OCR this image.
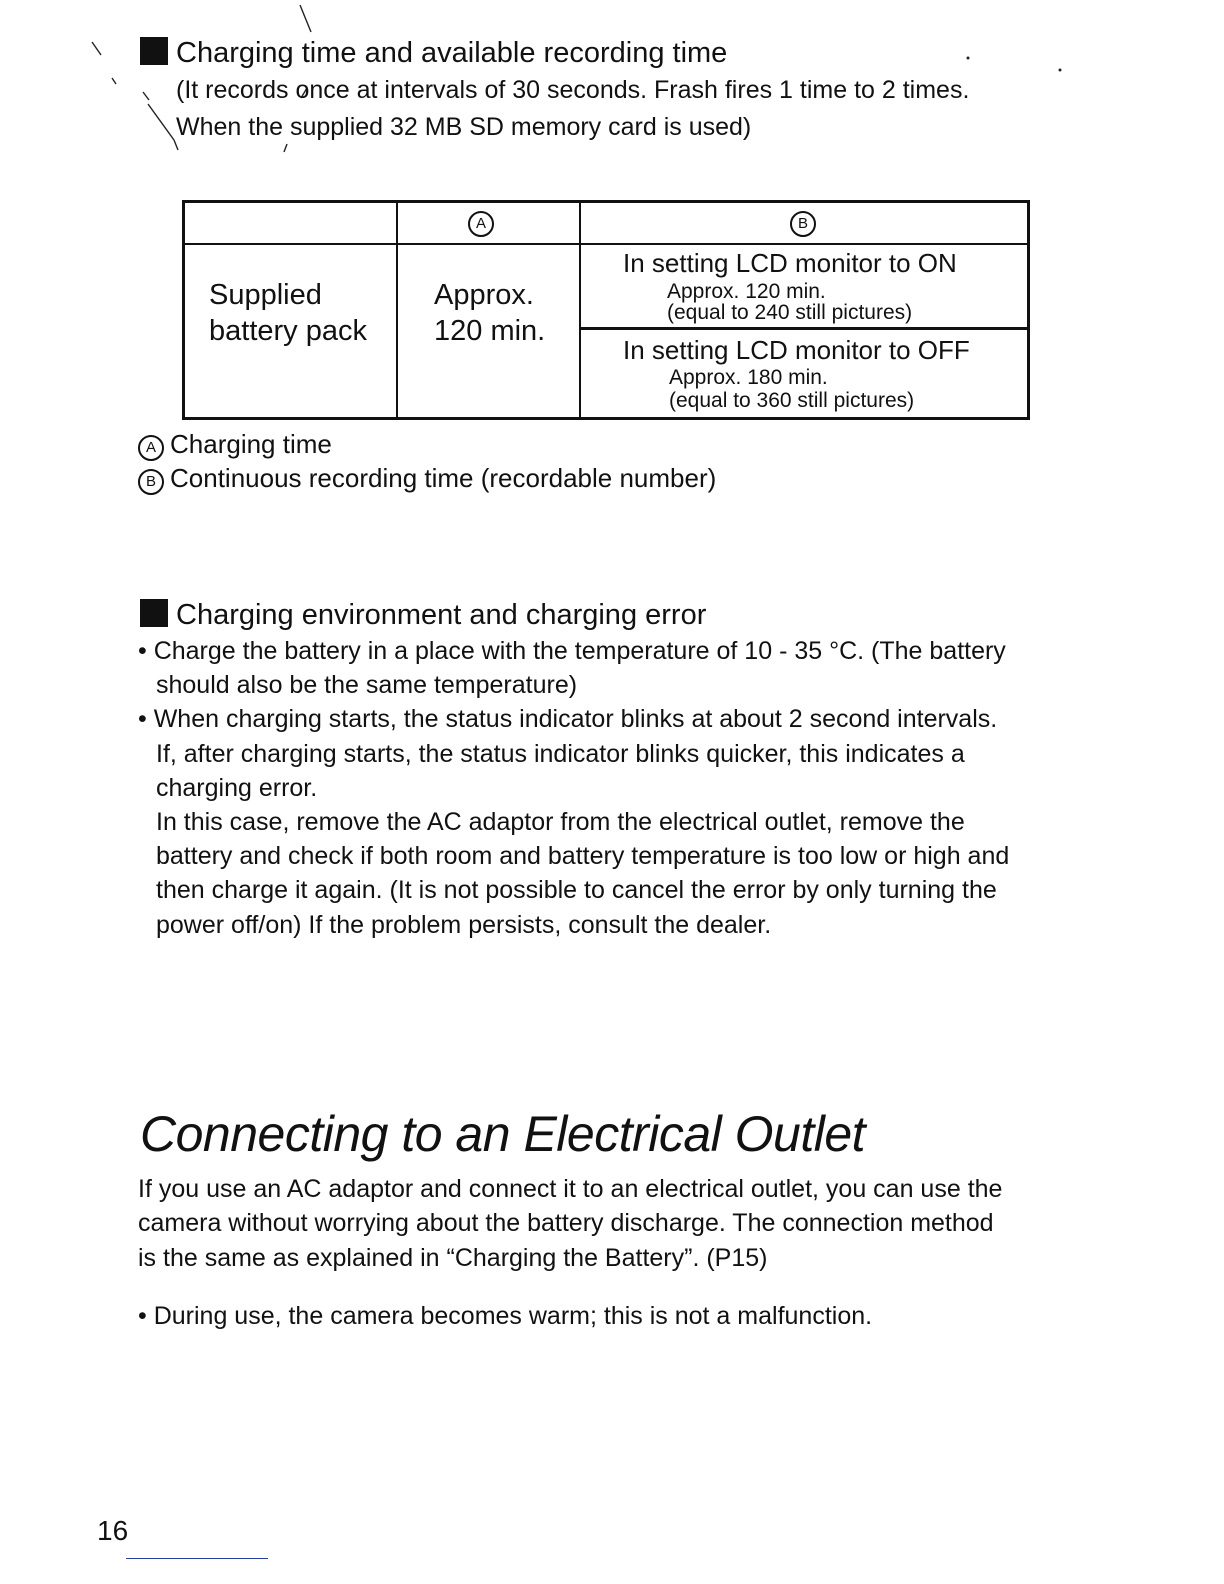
Charging time and available recording time
(It records once at intervals of 30 seconds. Frash fires 1 time to 2 times.
When the supplied 32 MB SD memory card is used)
A	B
Supplied
battery pack
Approx.
120 min.
In setting LCD monitor to ON
Approx. 120 min.
(equal to 240 still pictures)
In setting LCD monitor to OFF
Approx. 180 min.
(equal to 360 still pictures)
A Charging time
B Continuous recording time (recordable number)
Charging environment and charging error
• Charge the battery in a place with the temperature of 10 - 35 °C. (The battery
should also be the same temperature)
• When charging starts, the status indicator blinks at about 2 second intervals.
If, after charging starts, the status indicator blinks quicker, this indicates a
charging error.
In this case, remove the AC adaptor from the electrical outlet, remove the
battery and check if both room and battery temperature is too low or high and
then charge it again. (It is not possible to cancel the error by only turning the
power off/on) If the problem persists, consult the dealer.
Connecting to an Electrical Outlet
If you use an AC adaptor and connect it to an electrical outlet, you can use the
camera without worrying about the battery discharge. The connection method
is the same as explained in “Charging the Battery”. (P15)
• During use, the camera becomes warm; this is not a malfunction.
16
